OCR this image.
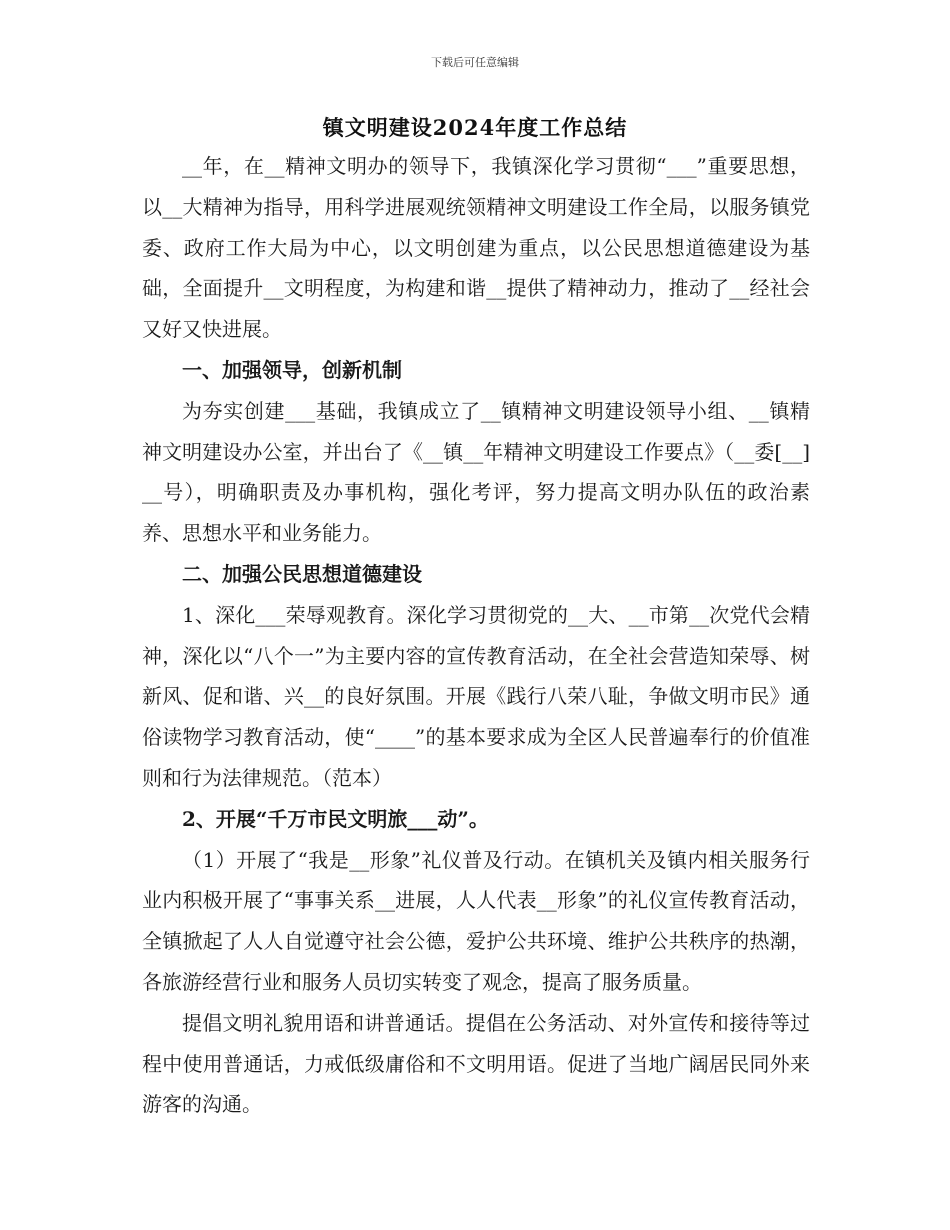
下载后可任意编辑
镇文明建设2024年度工作总结

__年，在__精神文明办的领导下，我镇深化学习贯彻“___”重要思想，以__大精神为指导，用科学进展观统领精神文明建设工作全局，以服务镇党委、政府工作大局为中心，以文明创建为重点，以公民思想道德建设为基础，全面提升__文明程度，为构建和谐__提供了精神动力，推动了__经社会又好又快进展。

一、加强领导，创新机制

为夯实创建___基础，我镇成立了__镇精神文明建设领导小组、__镇精神文明建设办公室，并出台了《__镇__年精神文明建设工作要点》（__委[__]__号），明确职责及办事机构，强化考评，努力提高文明办队伍的政治素养、思想水平和业务能力。

二、加强公民思想道德建设

1、深化___荣辱观教育。深化学习贯彻党的__大、__市第__次党代会精神，深化以“八个一”为主要内容的宣传教育活动，在全社会营造知荣辱、树新风、促和谐、兴__的良好氛围。开展《践行八荣八耻，争做文明市民》通俗读物学习教育活动，使“____”的基本要求成为全区人民普遍奉行的价值准则和行为法律规范。（范本）

2、开展“千万市民文明旅___动”。

（1）开展了“我是__形象”礼仪普及行动。在镇机关及镇内相关服务行业内积极开展了“事事关系__进展，人人代表__形象”的礼仪宣传教育活动，全镇掀起了人人自觉遵守社会公德，爱护公共环境、维护公共秩序的热潮，各旅游经营行业和服务人员切实转变了观念，提高了服务质量。

提倡文明礼貌用语和讲普通话。提倡在公务活动、对外宣传和接待等过程中使用普通话，力戒低级庸俗和不文明用语。促进了当地广阔居民同外来游客的沟通。
